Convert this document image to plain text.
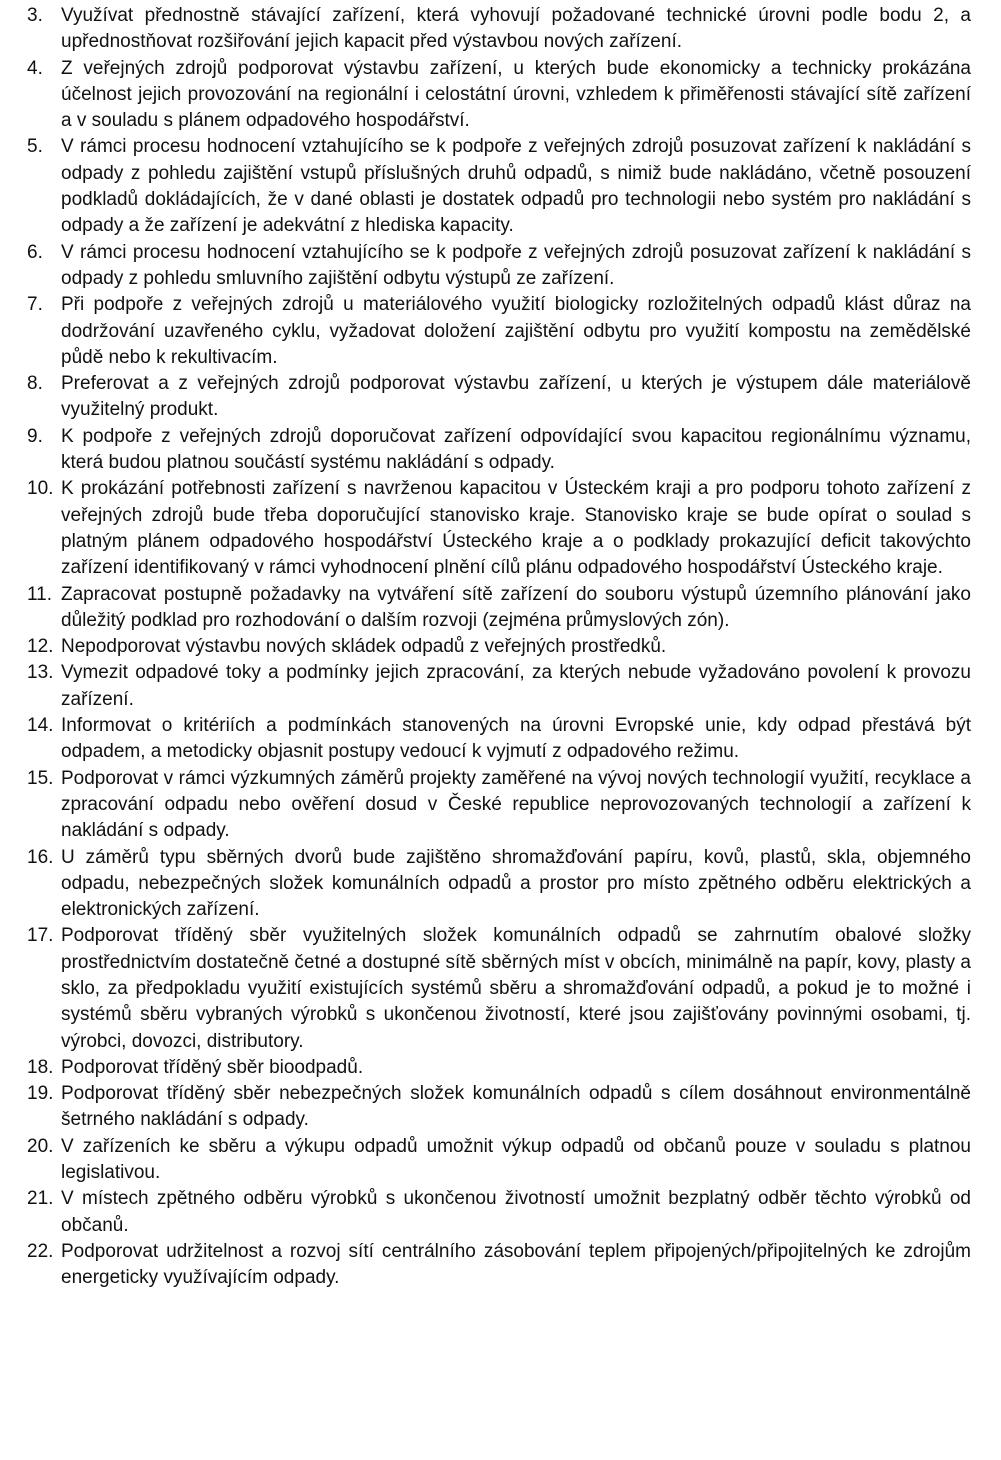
3. Využívat přednostně stávající zařízení, která vyhovují požadované technické úrovni podle bodu 2, a upřednostňovat rozšiřování jejich kapacit před výstavbou nových zařízení.
4. Z veřejných zdrojů podporovat výstavbu zařízení, u kterých bude ekonomicky a technicky prokázána účelnost jejich provozování na regionální i celostátní úrovni, vzhledem k přiměřenosti stávající sítě zařízení a v souladu s plánem odpadového hospodářství.
5. V rámci procesu hodnocení vztahujícího se k podpoře z veřejných zdrojů posuzovat zařízení k nakládání s odpady z pohledu zajištění vstupů příslušných druhů odpadů, s nimiž bude nakládáno, včetně posouzení podkladů dokládajících, že v dané oblasti je dostatek odpadů pro technologii nebo systém pro nakládání s odpady a že zařízení je adekvátní z hlediska kapacity.
6. V rámci procesu hodnocení vztahujícího se k podpoře z veřejných zdrojů posuzovat zařízení k nakládání s odpady z pohledu smluvního zajištění odbytu výstupů ze zařízení.
7. Při podpoře z veřejných zdrojů u materiálového využití biologicky rozložitelných odpadů klást důraz na dodržování uzavřeného cyklu, vyžadovat doložení zajištění odbytu pro využití kompostu na zemědělské půdě nebo k rekultivacím.
8. Preferovat a z veřejných zdrojů podporovat výstavbu zařízení, u kterých je výstupem dále materiálově využitelný produkt.
9. K podpoře z veřejných zdrojů doporučovat zařízení odpovídající svou kapacitou regionálnímu významu, která budou platnou součástí systému nakládání s odpady.
10. K prokázání potřebnosti zařízení s navrženou kapacitou v Ústeckém kraji a pro podporu tohoto zařízení z veřejných zdrojů bude třeba doporučující stanovisko kraje. Stanovisko kraje se bude opírat o soulad s platným plánem odpadového hospodářství Ústeckého kraje a o podklady prokazující deficit takovýchto zařízení identifikovaný v rámci vyhodnocení plnění cílů plánu odpadového hospodářství Ústeckého kraje.
11. Zapracovat postupně požadavky na vytváření sítě zařízení do souboru výstupů územního plánování jako důležitý podklad pro rozhodování o dalším rozvoji (zejména průmyslových zón).
12. Nepodporovat výstavbu nových skládek odpadů z veřejných prostředků.
13. Vymezit odpadové toky a podmínky jejich zpracování, za kterých nebude vyžadováno povolení k provozu zařízení.
14. Informovat o kritériích a podmínkách stanovených na úrovni Evropské unie, kdy odpad přestává být odpadem, a metodicky objasnit postupy vedoucí k vyjmutí z odpadového režimu.
15. Podporovat v rámci výzkumných záměrů projekty zaměřené na vývoj nových technologií využití, recyklace a zpracování odpadu nebo ověření dosud v České republice neprovozovaných technologií a zařízení k nakládání s odpady.
16. U záměrů typu sběrných dvorů bude zajištěno shromažďování papíru, kovů, plastů, skla, objemného odpadu, nebezpečných složek komunálních odpadů a prostor pro místo zpětného odběru elektrických a elektronických zařízení.
17. Podporovat tříděný sběr využitelných složek komunálních odpadů se zahrnutím obalové složky prostřednictvím dostatečně četné a dostupné sítě sběrných míst v obcích, minimálně na papír, kovy, plasty a sklo, za předpokladu využití existujících systémů sběru a shromažďování odpadů, a pokud je to možné i systémů sběru vybraných výrobků s ukončenou životností, které jsou zajišťovány povinnými osobami, tj. výrobci, dovozci, distributory.
18. Podporovat tříděný sběr bioodpadů.
19. Podporovat tříděný sběr nebezpečných složek komunálních odpadů s cílem dosáhnout environmentálně šetrného nakládání s odpady.
20. V zařízeních ke sběru a výkupu odpadů umožnit výkup odpadů od občanů pouze v souladu s platnou legislativou.
21. V místech zpětného odběru výrobků s ukončenou životností umožnit bezplatný odběr těchto výrobků od občanů.
22. Podporovat udržitelnost a rozvoj sítí centrálního zásobování teplem připojených/připojitelných ke zdrojům energeticky využívajícím odpady.
